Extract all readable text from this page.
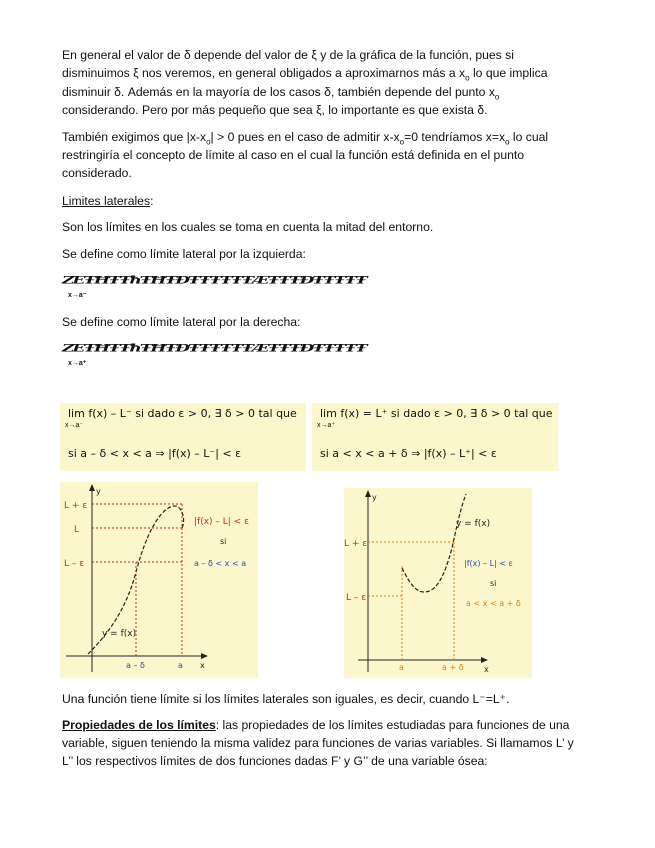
En general el valor de δ depende del valor de ξ y de la gráfica de la función, pues si

disminuimos ξ nos veremos, en general obligados a aproximarnos más a $x_o$ lo que implica

disminuir δ. Además en la mayoría de los casos δ, también depende del punto $x_o$

considerando. Pero por más pequeño que sea ξ, lo importante es que exista δ.

También exigimos que $|x-x_o| > 0$ pues en el caso de admitir $x-x_o=0$ tendríamos $x=x_o$ lo cual

restringiría el concepto de límite al caso en el cual la función está definida en el punto

considerado.

Limites laterales:

Son los límites en los cuales se toma en cuenta la mitad del entorno.

Se define como límite lateral por la izquierda:

ZEŦĦŦŦħŦĦŦĐŦŦŦŦŦŦÆŦŦŦÐŦŦŦŦŦ
x→a⁻

Se define como límite lateral por la derecha:

ZEŦĦŦŦħŦĦŦĐŦŦŦŦŦŦÆŦŦŦÐŦŦŦŦŦ
x→a⁺
lim f(x) – L⁻ si dado ε > 0, ∃ δ > 0 tal que
x→a⁻
si a – δ < x < a ⇒ |f(x) – L⁻| < ε
lim f(x) = L⁺ si dado ε > 0, ∃ δ > 0 tal que
x→a⁺
si a < x < a + δ ⇒ |f(x) – L⁺| < ε
L + ε
L
L – ε
y
x
y = f(x)
|f(x) – L| < ε
si
a – δ < x < a
a – δ	a
L + ε
L – ε
y
x
y = f(x)
|f(x) – L| < ε
si
a < x < a + δ
a	a + δ

Una función tiene límite si los límites laterales son iguales, es decir, cuando L⁻=L⁺.

Propiedades de los límites: las propiedades de los límites estudiadas para funciones de una

variable, siguen teniendo la misma validez para funciones de varias variables. Si llamamos L’ y

L’’ los respectivos límites de dos funciones dadas F’ y G’’ de una variable ósea:
